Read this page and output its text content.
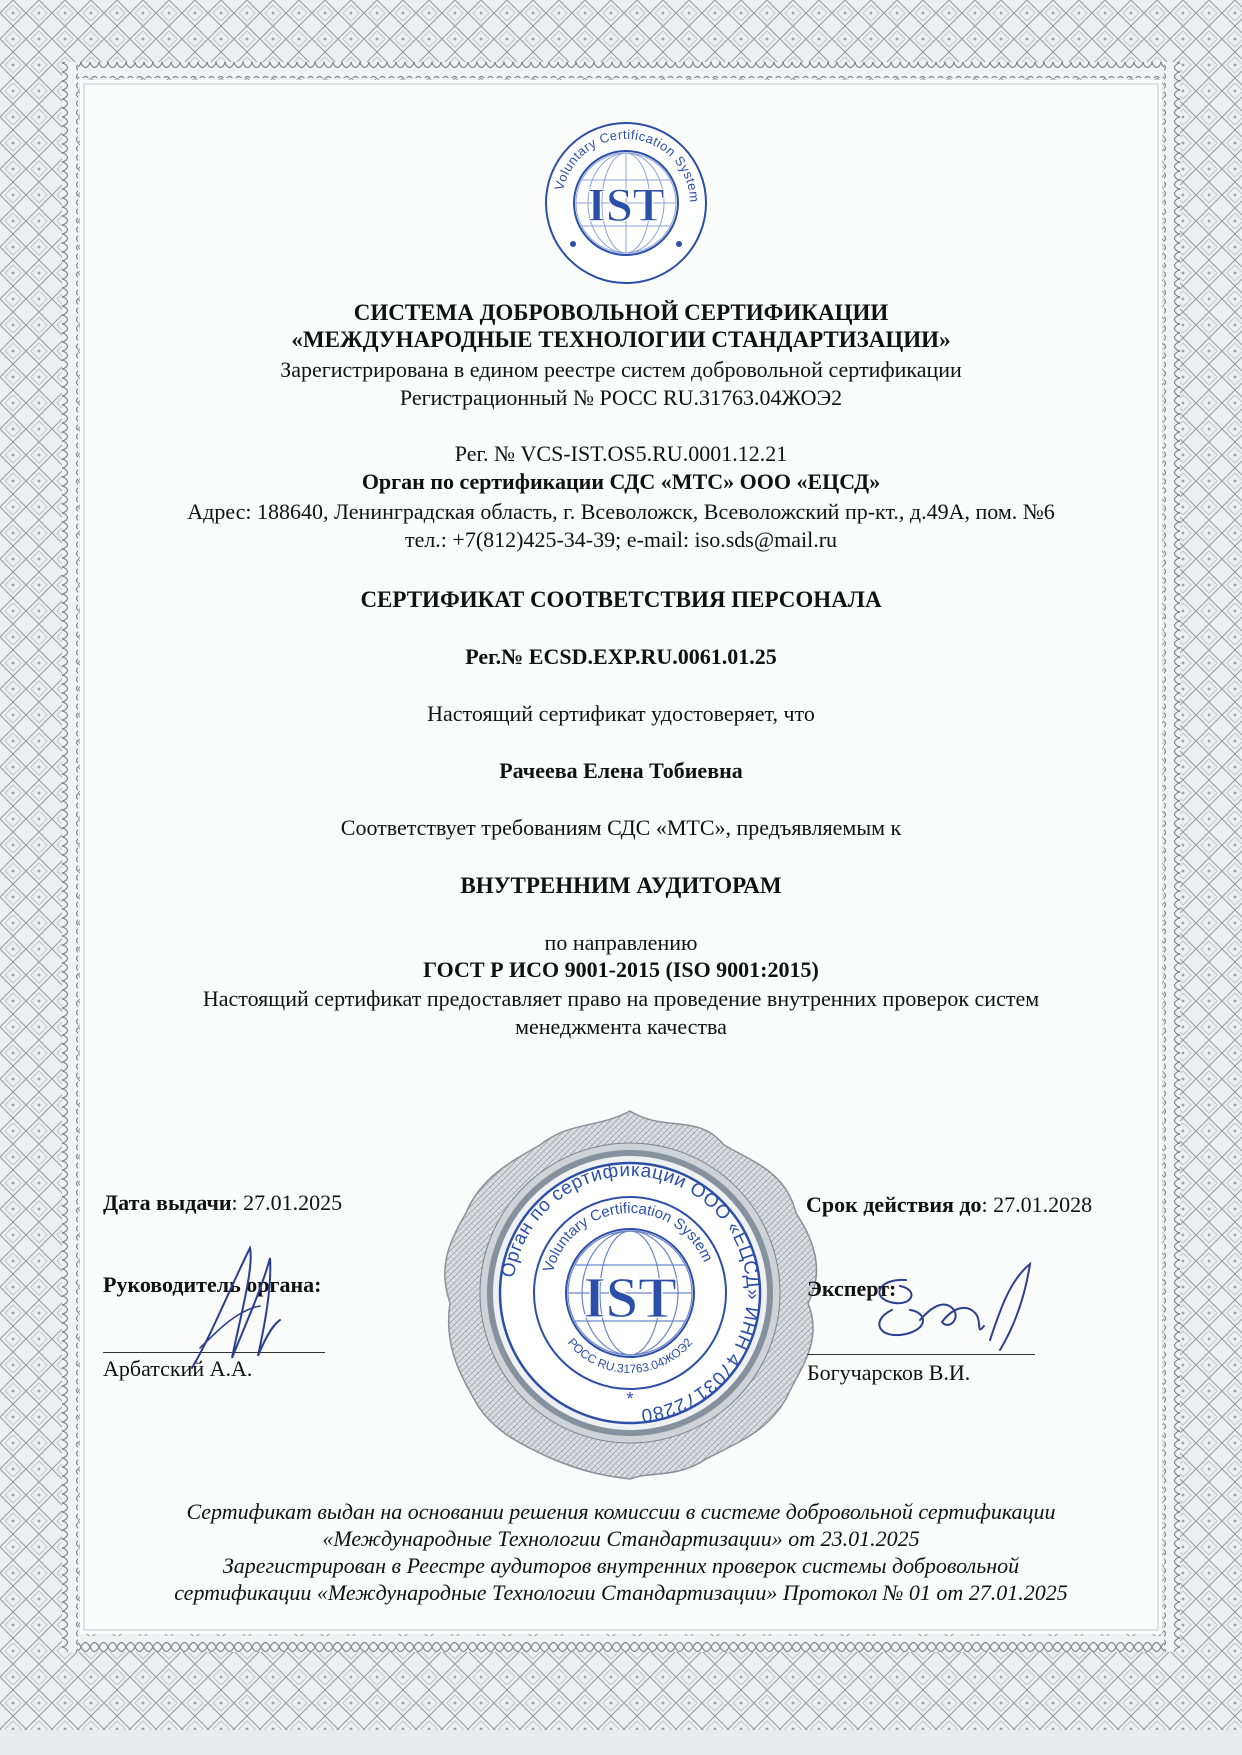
Voluntary Certification System
IST
СИСТЕМА ДОБРОВОЛЬНОЙ СЕРТИФИКАЦИИ
«МЕЖДУНАРОДНЫЕ ТЕХНОЛОГИИ СТАНДАРТИЗАЦИИ»
Зарегистрирована в едином реестре систем добровольной сертификации
Регистрационный № РОСС RU.31763.04ЖОЭ2
Рег. № VCS-IST.OS5.RU.0001.12.21
Орган по сертификации СДС «МТС» ООО «ЕЦСД»
Адрес: 188640, Ленинградская область, г. Всеволожск, Всеволожский пр-кт., д.49А, пом. №6
тел.: +7(812)425-34-39; e-mail: iso.sds@mail.ru
СЕРТИФИКАТ СООТВЕТСТВИЯ ПЕРСОНАЛА
Рег.№ ECSD.EXP.RU.0061.01.25
Настоящий сертификат удостоверяет, что
Рачеева Елена Тобиевна
Соответствует требованиям СДС «МТС», предъявляемым к
ВНУТРЕННИМ АУДИТОРАМ
по направлению
ГОСТ Р ИСО 9001-2015 (ISO 9001:2015)
Настоящий сертификат предоставляет право на проведение внутренних проверок систем
менеджмента качества
Орган по сертификации ООО «ЕЦСД» ИНН 4703172280
Voluntary Certification System
РОСС RU.31763.04ЖОЭ2
IST
*
Дата выдачи: 27.01.2025	Срок действия до: 27.01.2028
Руководитель органа:
Арбатский А.А.
Эксперт:
Богучарсков В.И.
Сертификат выдан на основании решения комиссии в системе добровольной сертификации
«Международные Технологии Стандартизации» от 23.01.2025
Зарегистрирован в Реестре аудиторов внутренних проверок системы добровольной
сертификации «Международные Технологии Стандартизации» Протокол № 01 от 27.01.2025
